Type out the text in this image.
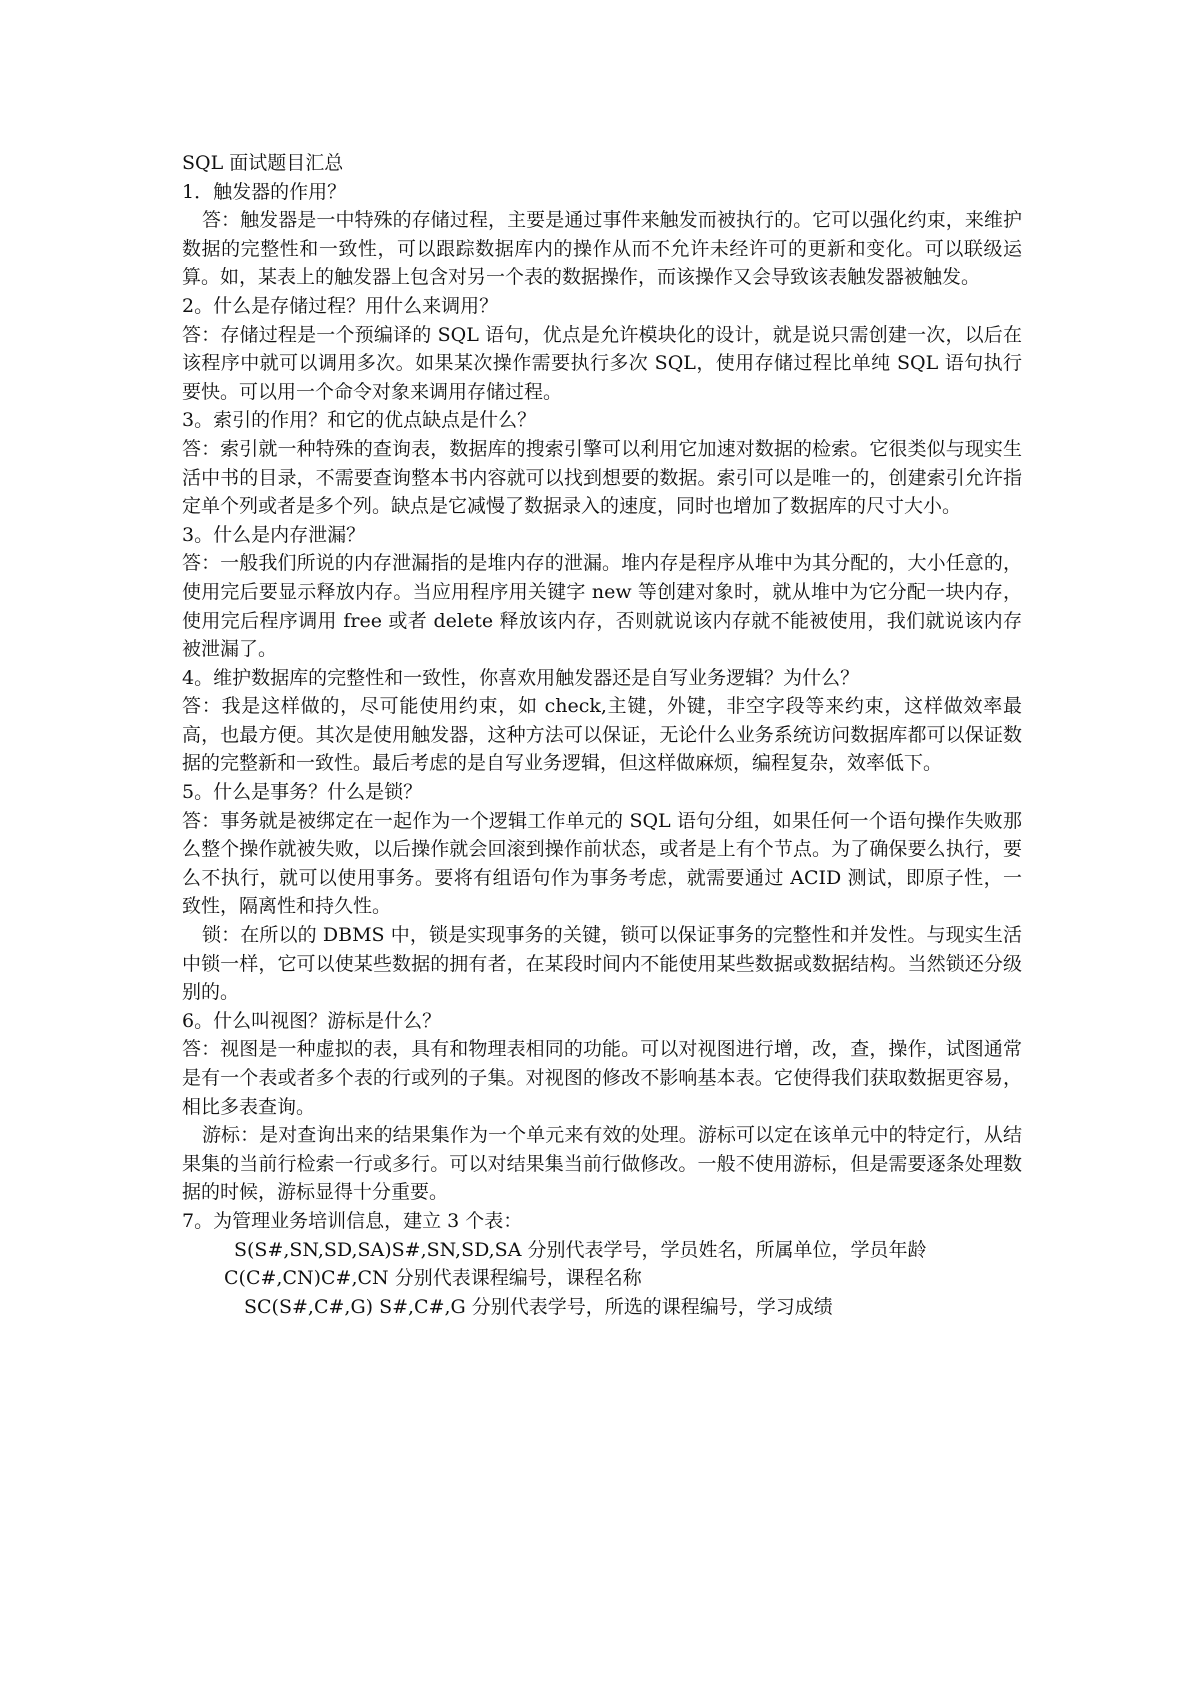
SQL 面试题目汇总

1．触发器的作用？

答：触发器是一中特殊的存储过程，主要是通过事件来触发而被执行的。它可以强化约束，来维护数据的完整性和一致性，可以跟踪数据库内的操作从而不允许未经许可的更新和变化。可以联级运算。如，某表上的触发器上包含对另一个表的数据操作，而该操作又会导致该表触发器被触发。

2。什么是存储过程？用什么来调用？

答：存储过程是一个预编译的 SQL 语句，优点是允许模块化的设计，就是说只需创建一次，以后在该程序中就可以调用多次。如果某次操作需要执行多次 SQL，使用存储过程比单纯 SQL 语句执行要快。可以用一个命令对象来调用存储过程。

3。索引的作用？和它的优点缺点是什么？

答：索引就一种特殊的查询表，数据库的搜索引擎可以利用它加速对数据的检索。它很类似与现实生活中书的目录，不需要查询整本书内容就可以找到想要的数据。索引可以是唯一的，创建索引允许指定单个列或者是多个列。缺点是它减慢了数据录入的速度，同时也增加了数据库的尺寸大小。

3。什么是内存泄漏？

答：一般我们所说的内存泄漏指的是堆内存的泄漏。堆内存是程序从堆中为其分配的，大小任意的，使用完后要显示释放内存。当应用程序用关键字 new 等创建对象时，就从堆中为它分配一块内存，使用完后程序调用 free 或者 delete 释放该内存，否则就说该内存就不能被使用，我们就说该内存被泄漏了。

4。维护数据库的完整性和一致性，你喜欢用触发器还是自写业务逻辑？为什么？

答：我是这样做的，尽可能使用约束，如 check,主键，外键，非空字段等来约束，这样做效率最高，也最方便。其次是使用触发器，这种方法可以保证，无论什么业务系统访问数据库都可以保证数据的完整新和一致性。最后考虑的是自写业务逻辑，但这样做麻烦，编程复杂，效率低下。

5。什么是事务？什么是锁？

答：事务就是被绑定在一起作为一个逻辑工作单元的 SQL 语句分组，如果任何一个语句操作失败那么整个操作就被失败，以后操作就会回滚到操作前状态，或者是上有个节点。为了确保要么执行，要么不执行，就可以使用事务。要将有组语句作为事务考虑，就需要通过 ACID 测试，即原子性，一致性，隔离性和持久性。

锁：在所以的 DBMS 中，锁是实现事务的关键，锁可以保证事务的完整性和并发性。与现实生活中锁一样，它可以使某些数据的拥有者，在某段时间内不能使用某些数据或数据结构。当然锁还分级别的。

6。什么叫视图？游标是什么？

答：视图是一种虚拟的表，具有和物理表相同的功能。可以对视图进行增，改，查，操作，试图通常是有一个表或者多个表的行或列的子集。对视图的修改不影响基本表。它使得我们获取数据更容易，相比多表查询。

游标：是对查询出来的结果集作为一个单元来有效的处理。游标可以定在该单元中的特定行，从结果集的当前行检索一行或多行。可以对结果集当前行做修改。一般不使用游标，但是需要逐条处理数据的时候，游标显得十分重要。

7。为管理业务培训信息，建立 3 个表：

S(S#,SN,SD,SA)S#,SN,SD,SA 分别代表学号，学员姓名，所属单位，学员年龄

C(C#,CN)C#,CN 分别代表课程编号，课程名称

SC(S#,C#,G) S#,C#,G 分别代表学号，所选的课程编号，学习成绩
